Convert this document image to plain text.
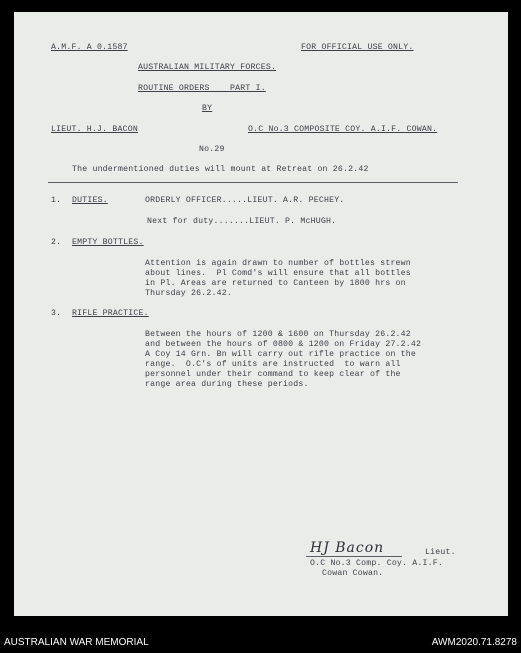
A.M.F. A 0.1587	FOR OFFICIAL USE ONLY.
AUSTRALIAN MILITARY FORCES.
ROUTINE ORDERS    PART I.
BY
LIEUT. H.J. BACON	O.C No.3 COMPOSITE COY. A.I.F. COWAN.
No.29
The undermentioned duties will mount at Retreat on 26.2.42
1. DUTIES.	ORDERLY OFFICER.....LIEUT. A.R. PECHEY.
Next for duty.......LIEUT. P. McHUGH.
2. EMPTY BOTTLES.
Attention is again drawn to number of bottles strewn
about lines.  Pl Comd's will ensure that all bottles
in Pl. Areas are returned to Canteen by 1800 hrs on
Thursday 26.2.42.
3. RIFLE PRACTICE.
Between the hours of 1200 & 1600 on Thursday 26.2.42
and between the hours of 0800 & 1200 on Friday 27.2.42
A Coy 14 Grn. Bn will carry out rifle practice on the
range.  O.C's of units are instructed  to warn all
personnel under their command to keep clear of the
range area during these periods.
HJ Bacon	Lieut.
O.C No.3 Comp. Coy. A.I.F.
Cowan Cowan.
AUSTRALIAN WAR MEMORIAL	AWM2020.71.8278
